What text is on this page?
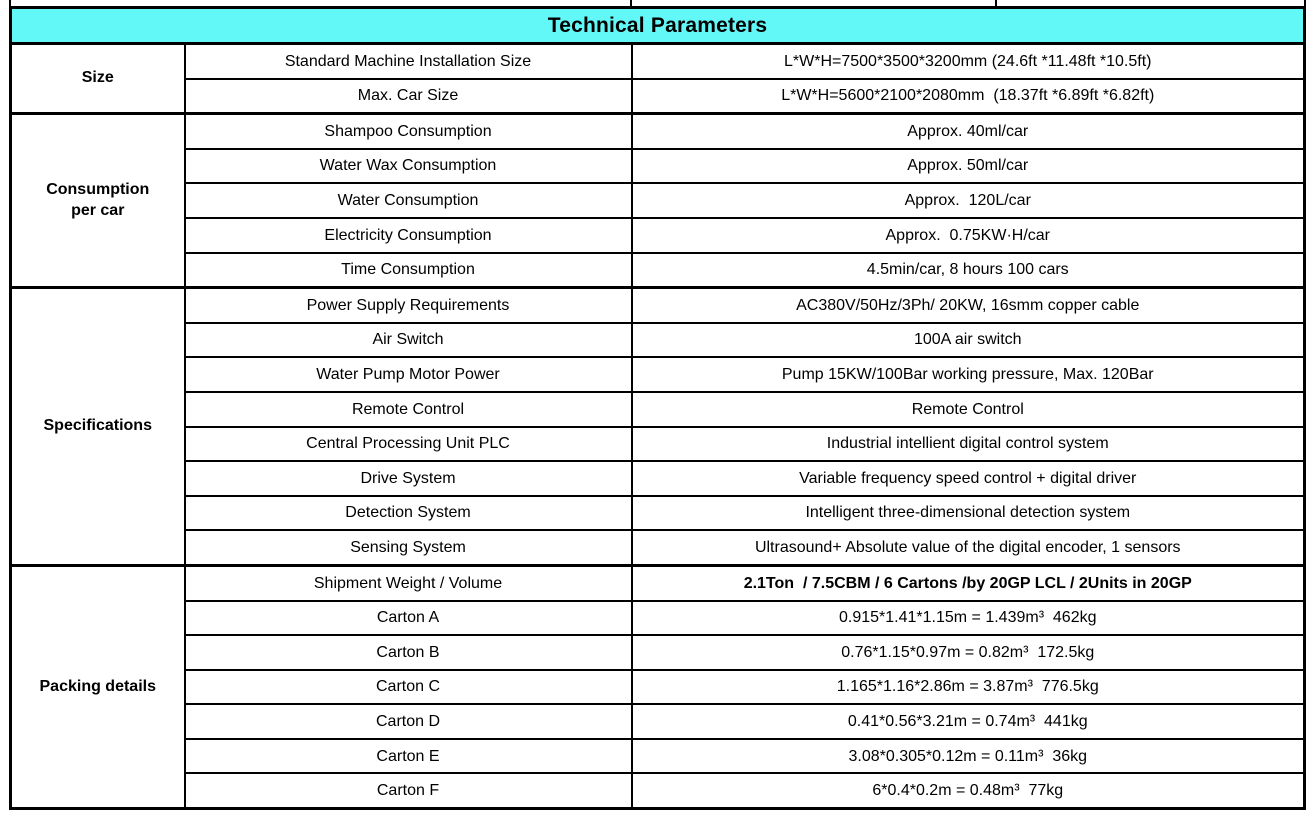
Technical Parameters		
Size	Standard Machine Installation Size	L*W*H=7500*3500*3200mm (24.6ft *11.48ft *10.5ft)
	Max. Car Size	L*W*H=5600*2100*2080mm  (18.37ft *6.89ft *6.82ft)
Consumption per car	Shampoo Consumption	Approx. 40ml/car
	Water Wax Consumption	Approx. 50ml/car
	Water Consumption	Approx.  120L/car
	Electricity Consumption	Approx.  0.75KW·H/car
	Time Consumption	4.5min/car, 8 hours 100 cars
Specifications	Power Supply Requirements	AC380V/50Hz/3Ph/ 20KW, 16smm copper cable
	Air Switch	100A air switch
	Water Pump Motor Power	Pump 15KW/100Bar working pressure, Max. 120Bar
	Remote Control	Remote Control
	Central Processing Unit PLC	Industrial intellient digital control system
	Drive System	Variable frequency speed control + digital driver
	Detection System	Intelligent three-dimensional detection system
	Sensing System	Ultrasound+ Absolute value of the digital encoder, 1 sensors
Packing details	Shipment Weight / Volume	2.1Ton  / 7.5CBM / 6 Cartons /by 20GP LCL / 2Units in 20GP
	Carton A	0.915*1.41*1.15m = 1.439m³  462kg
	Carton B	0.76*1.15*0.97m = 0.82m³  172.5kg
	Carton C	1.165*1.16*2.86m = 3.87m³  776.5kg
	Carton D	0.41*0.56*3.21m = 0.74m³  441kg
	Carton E	3.08*0.305*0.12m = 0.11m³  36kg
	Carton F	6*0.4*0.2m = 0.48m³  77kg
